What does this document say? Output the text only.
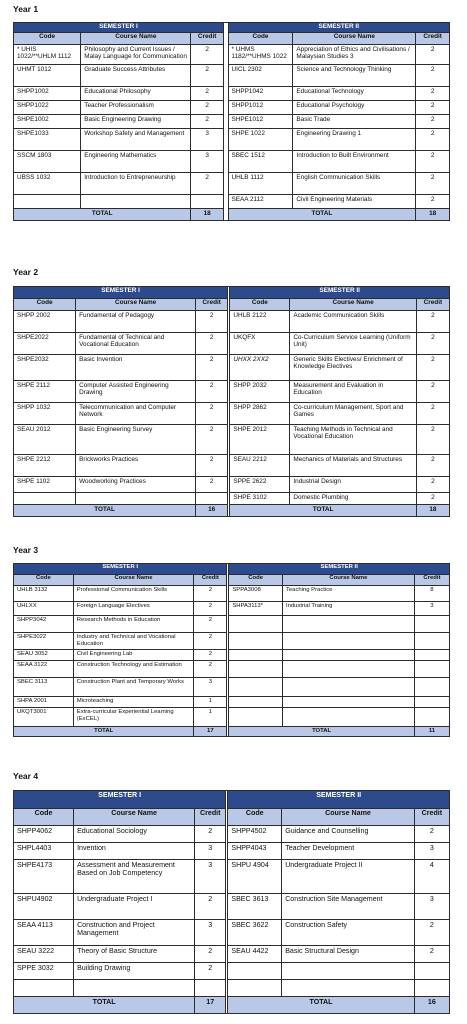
Year 1
Year 2
Year 3
Year 4
SEMESTER I				SEMESTER II		
Code	Course Name	Credit		Code	Course Name	Credit
* UHIS 1022/**UHLM 1112	Philosophy and Current Issues / Malay Language for Communication	2		* UHMS 1182/**UHMS 1022	Appreciation of Ethics and Civilisations / Malaysian Studies 3	2
UHMT 1012	Graduate Success Attributes	2		UICL 2302	Science and Technology Thinking	2
SHPP1002	Educational Philosophy	2		SHPP1042	Educational Technology	2
SHPP1022	Teacher Professionalism	2		SHPP1012	Educational Psychology	2
SHPE1002	Basic Engineering Drawing	2		SHPE1012	Basic Trade	2
SHPE1033	Workshop Safety and Management	3		SHPE 1022	Engineering Drawing 1	2
SSCM 1803	Engineering Mathematics	3		SBEC 1512	Introduction to Built Environment	2
UBSS 1032	Introduction to Entrepreneurship	2		UHLB 1112	English Communication Skills	2
				SEAA 2112	Civil Engineering Materials	2
TOTAL		18		TOTAL		18
SEMESTER I				SEMESTER II		
Code	Course Name	Credit		Code	Course Name	Credit
SHPP 2002	Fundamental of Pedagogy	2		UHLB 2122	Academic Communication Skills	2
SHPE2022	Fundamental of Technical and Vocational Education	2		UKQFX	Co-Curriculum Service Learning (Uniform Unit)	2
SHPE2032	Basic Invention	2		UHXX 2XX2	Generic Skills Electives/ Enrichment of Knowledge Electives	2
SHPE 2112	Computer Assisted Engineering Drawing	2		SHPP 2032	Measurement and Evaluation in Education	2
SHPP 1032	Telecommunication and Computer Network	2		SHPP 2862	Co-curriculum Management, Sport and Games	2
SEAU 2012	Basic Engineering Survey	2		SHPE 2012	Teaching Methods in Technical and Vocational Education	2
SHPE 2212	Brickworks Practices	2		SEAU 2212	Mechanics of Materials and Structures	2
SHPE 1102	Woodworking Practices	2		SPPE 2622	Industrial Design	2
				SHPE 3102	Domestic Plumbing	2
TOTAL		16		TOTAL		18
SEMESTER I				SEMESTER II		
Code	Course Name	Credit		Code	Course Name	Credit
UHLB 3132	Professional Communication Skills	2		SPPA3008	Teaching Practice	8
UHLXX	Foreign Language Electives	2		SHPA3113*	Industrial Training	3
SHPP3042	Research Methods in Education	2				
SHPE3022	Industry and Technical and Vocational Education	2				
SEAU 3052	Civil Engineering Lab	2				
SEAA 3122	Construction Technology and Estimation	2				
SBEC 3113	Construction Plant and Temporary Works	3				
SHPA 2001	Microteaching	1				
UKQT3001	Extra-curricular Experiential Learning (ExCEL)	1				
TOTAL		17		TOTAL		11
SEMESTER I				SEMESTER II		
Code	Course Name	Credit		Code	Course Name	Credit
SHPP4062	Educational Sociology	2		SHPP4502	Guidance and Counselling	2
SHPL4403	Invention	3		SHPP4043	Teacher Development	3
SHPE4173	Assessment and Measurement Based on Job Competency	3		SHPU 4904	Undergraduate Project II	4
SHPU4902	Undergraduate Project I	2		SBEC 3613	Construction Site Management	3
SEAA 4113	Construction and Project Management	3		SBEC 3622	Construction Safety	2
SEAU 3222	Theory of Basic Structure	2		SEAU 4422	Basic Structural Design	2
SPPE 3032	Building Drawing	2				

TOTAL		17		TOTAL		16
